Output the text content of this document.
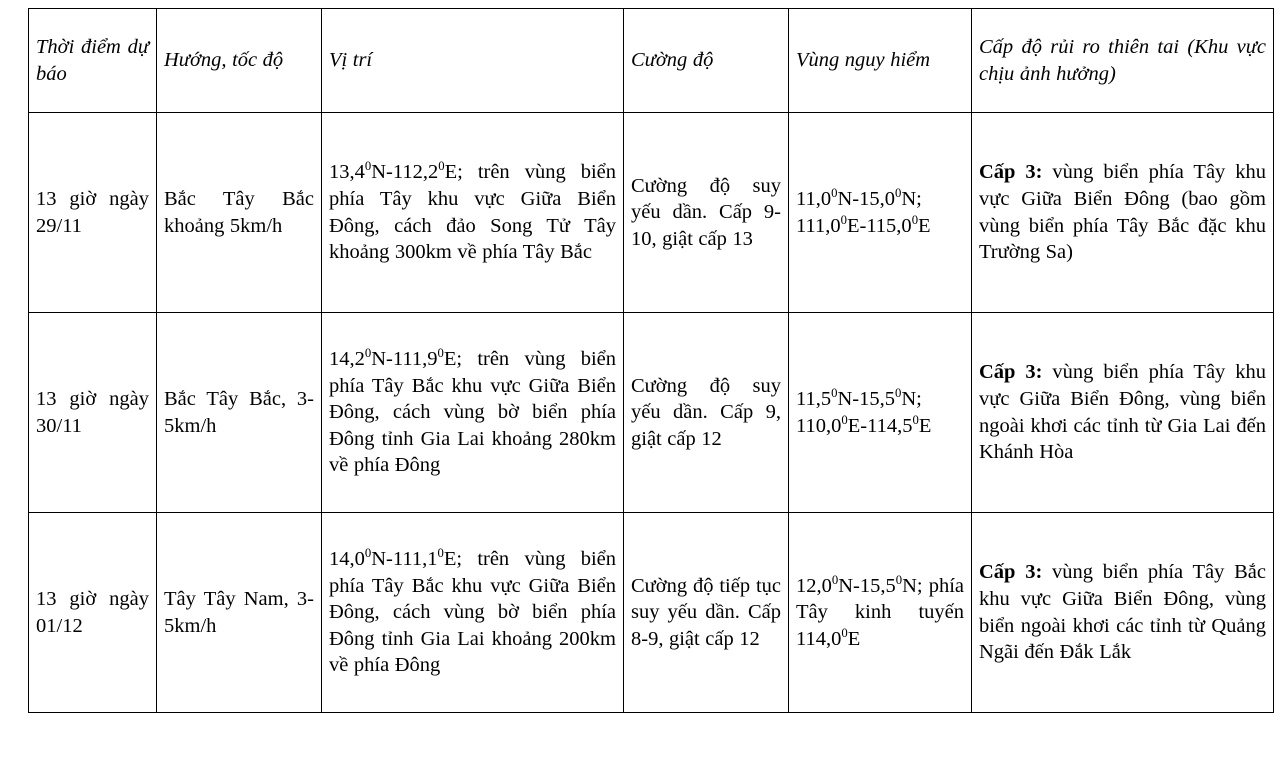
Thời điểm dự báo	Hướng, tốc độ	Vị trí	Cường độ	Vùng nguy hiểm	Cấp độ rủi ro thiên tai (Khu vực chịu ảnh hưởng)
13 giờ ngày 29/11	Bắc Tây Bắc khoảng 5km/h	13,4$^0$N-112,2$^0$E; trên vùng biển phía Tây khu vực Giữa Biển Đông, cách đảo Song Tử Tây khoảng 300km về phía Tây Bắc	Cường độ suy yếu dần. Cấp 9-10, giật cấp 13	11,0$^0$N-15,0$^0$N; 111,0$^0$E-115,0$^0$E	Cấp 3: vùng biển phía Tây khu vực Giữa Biển Đông (bao gồm vùng biển phía Tây Bắc đặc khu Trường Sa)
13 giờ ngày 30/11	Bắc Tây Bắc, 3-5km/h	14,2$^0$N-111,9$^0$E; trên vùng biển phía Tây Bắc khu vực Giữa Biển Đông, cách vùng bờ biển phía Đông tỉnh Gia Lai khoảng 280km về phía Đông	Cường độ suy yếu dần. Cấp 9, giật cấp 12	11,5$^0$N-15,5$^0$N; 110,0$^0$E-114,5$^0$E	Cấp 3: vùng biển phía Tây khu vực Giữa Biển Đông, vùng biển ngoài khơi các tỉnh từ Gia Lai đến Khánh Hòa
13 giờ ngày 01/12	Tây Tây Nam, 3-5km/h	14,0$^0$N-111,1$^0$E; trên vùng biển phía Tây Bắc khu vực Giữa Biển Đông, cách vùng bờ biển phía Đông tỉnh Gia Lai khoảng 200km về phía Đông	Cường độ tiếp tục suy yếu dần. Cấp 8-9, giật cấp 12	12,0$^0$N-15,5$^0$N; phía Tây kinh tuyến 114,0$^0$E	Cấp 3: vùng biển phía Tây Bắc khu vực Giữa Biển Đông, vùng biển ngoài khơi các tỉnh từ Quảng Ngãi đến Đắk Lắk
